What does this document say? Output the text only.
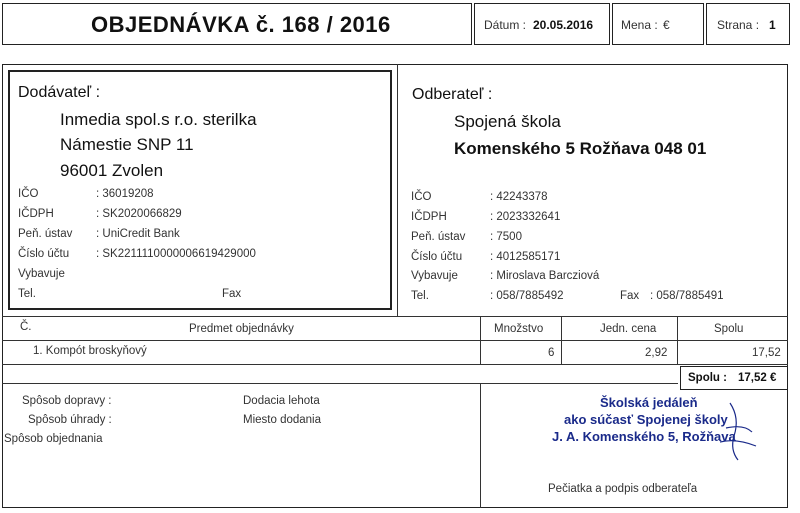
OBJEDNÁVKA č. 168 / 2016	Dátum : 20.05.2016 Mena : €	Strana : 1
Dodávateľ :
Inmedia spol.s r.o. sterilka
Námestie SNP 11
96001 Zvolen
IČO	: 36019208
IČDPH	: SK2020066829
Peň. ústav : UniCredit Bank
Číslo účtu : SK2211110000006619429000
Vybavuje
Tel.	Fax
Odberateľ :
Spojená škola
Komenského 5 Rožňava 048 01
IČO	: 42243378
IČDPH	: 2023332641
Peň. ústav : 7500
Číslo účtu : 4012585171
Vybavuje	: Miroslava Barcziová
Tel.	: 058/7885492	Fax : 058/7885491
Č.	Predmet objednávky	Množstvo	Jedn. cena	Spolu
1. Kompót broskyňový	6	2,92	17,52
Spolu : 17,52 €
Spôsob dopravy :
Spôsob úhrady :
Spôsob objednania
Dodacia lehota
Miesto dodania
Školská jedáleň
ako súčasť Spojenej školy
J. A. Komenského 5, Rožňava
Pečiatka a podpis odberateľa
